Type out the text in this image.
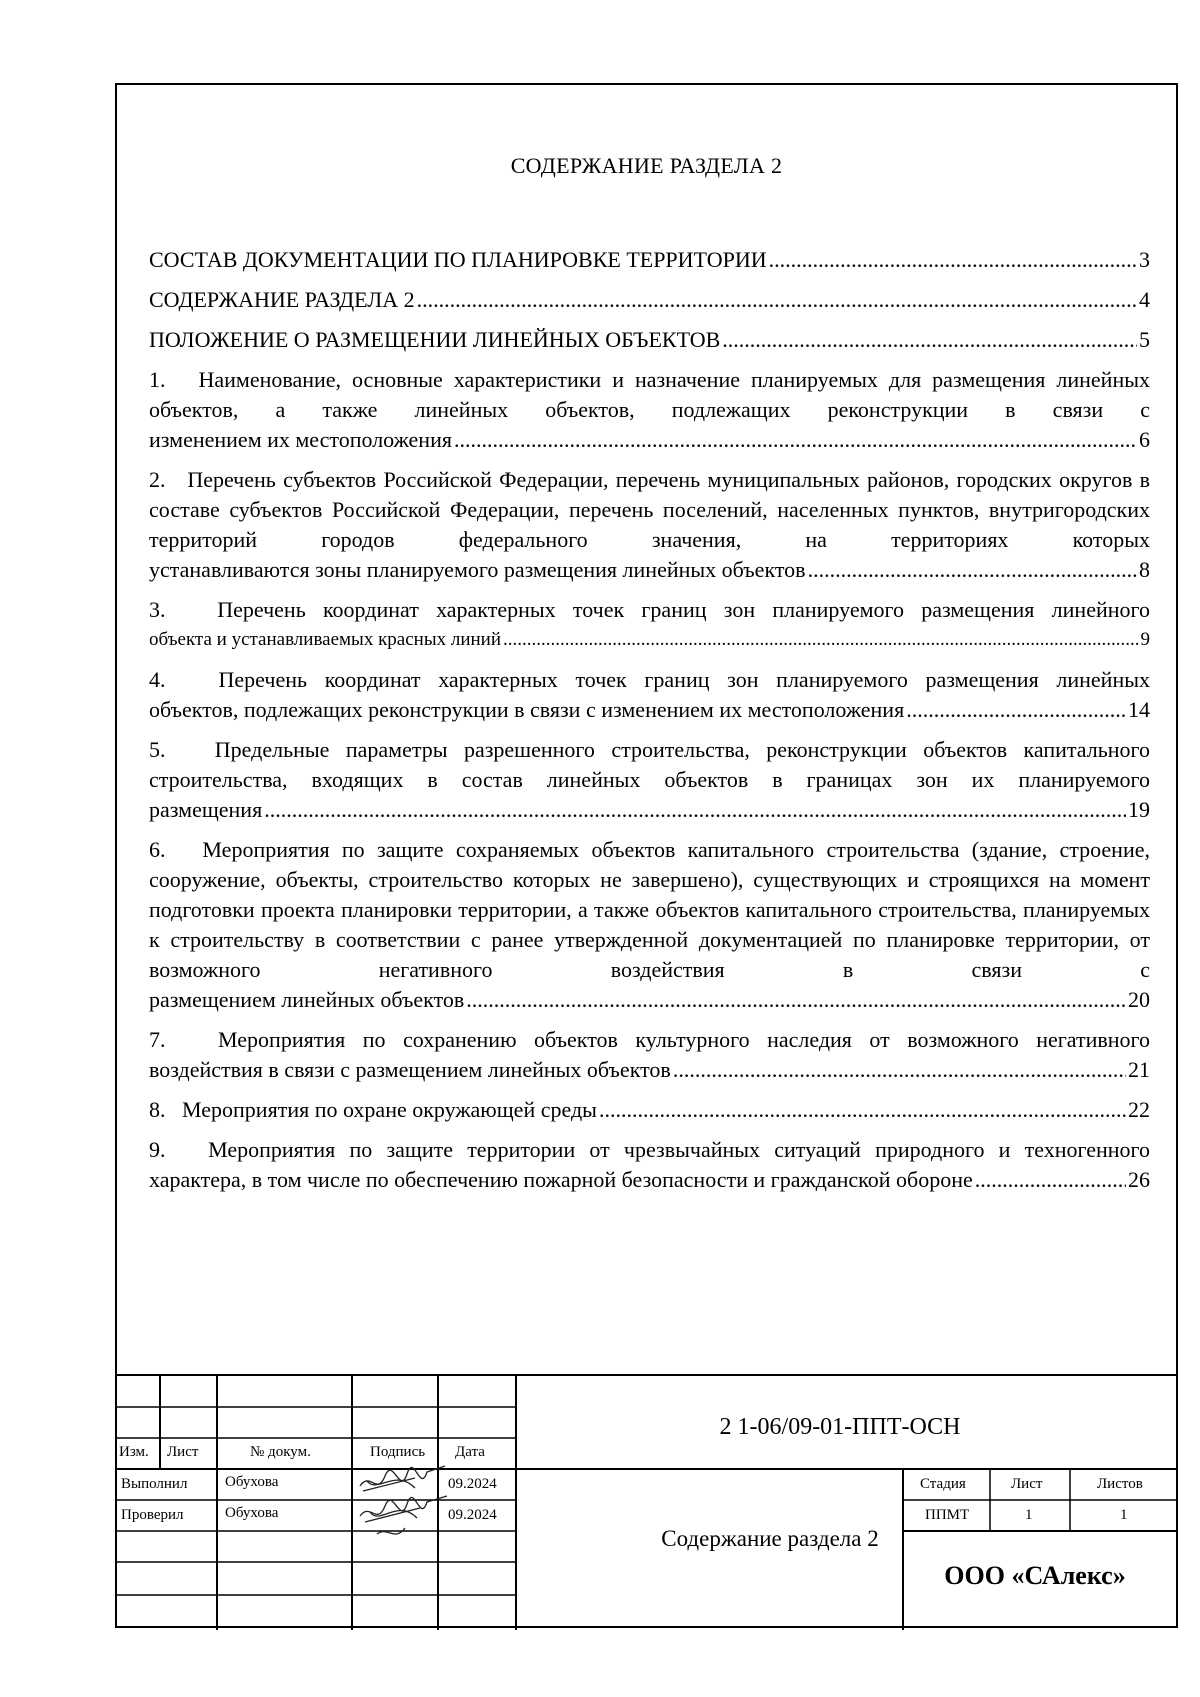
СОДЕРЖАНИЕ РАЗДЕЛА 2
СОСТАВ ДОКУМЕНТАЦИИ ПО ПЛАНИРОВКЕ ТЕРРИТОРИИ .....	3
СОДЕРЖАНИЕ РАЗДЕЛА 2 .....	4
ПОЛОЖЕНИЕ О РАЗМЕЩЕНИИ ЛИНЕЙНЫХ ОБЪЕКТОВ .....	5

1.   Наименование, основные характеристики и назначение планируемых для размещения линейных объектов, а также линейных объектов, подлежащих реконструкции в связи с

изменением их местоположения .....	6

2.   Перечень субъектов Российской Федерации, перечень муниципальных районов, городских округов в составе субъектов Российской Федерации, перечень поселений, населенных пунктов, внутригородских территорий городов федерального значения, на территориях которых

устанавливаются зоны планируемого размещения линейных объектов .....	8

3.   Перечень координат характерных точек границ зон планируемого размещения линейного

объекта и устанавливаемых красных линий .....	9

4.   Перечень координат характерных точек границ зон планируемого размещения линейных

объектов, подлежащих реконструкции в связи с изменением их местоположения .....	14

5.   Предельные параметры разрешенного строительства, реконструкции объектов капитального строительства, входящих в состав линейных объектов в границах зон их планируемого

размещения .....	19

6.   Мероприятия по защите сохраняемых объектов капитального строительства (здание, строение, сооружение, объекты, строительство которых не завершено), существующих и строящихся на момент подготовки проекта планировки территории, а также объектов капитального строительства, планируемых к строительству в соответствии с ранее утвержденной документацией по планировке территории, от возможного негативного воздействия в связи с

размещением линейных объектов .....	20

7.   Мероприятия по сохранению объектов культурного наследия от возможного негативного

воздействия в связи с размещением линейных объектов .....	21
8.   Мероприятия по охране окружающей среды .....	22

9.   Мероприятия по защите территории от чрезвычайных ситуаций природного и техногенного

характера, в том числе по обеспечению пожарной безопасности и гражданской обороне .....	26
Изм. Лист	№ докум.	Подпись Дата
Выполнил	Обухова	09.2024
Проверил	Обухова	09.2024
2 1-06/09-01-ППТ-ОСН
Содержание раздела 2
Стадия	Лист	Листов
ППМТ	1	1
ООО «САлекс»
